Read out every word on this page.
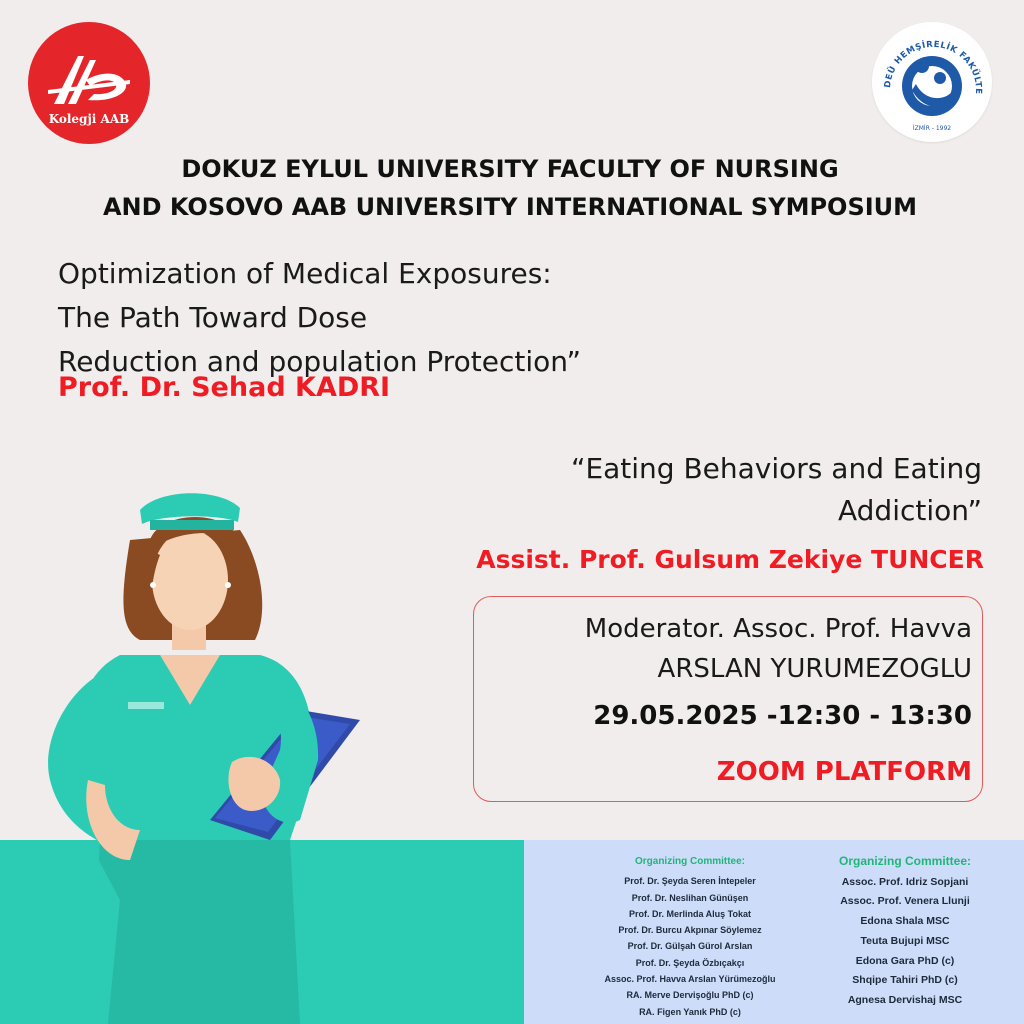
Kolegji AAB
DEÜ HEMŞİRELİK FAKÜLTE
İZMİR - 1992
DOKUZ EYLUL UNIVERSITY FACULTY OF NURSING
AND KOSOVO AAB UNIVERSITY INTERNATIONAL SYMPOSIUM
Optimization of Medical Exposures:
The Path Toward Dose
Reduction and population Protection”
Prof. Dr. Sehad KADRI
“Eating Behaviors and Eating
Addiction”
Assist. Prof. Gulsum Zekiye TUNCER
Moderator. Assoc. Prof. Havva
ARSLAN YURUMEZOGLU
29.05.2025 -12:30 - 13:30
ZOOM PLATFORM
Organizing Committee:
Prof. Dr. Şeyda Seren İntepeler
Prof. Dr. Neslihan Günüşen
Prof. Dr. Merlinda Aluş Tokat
Prof. Dr. Burcu Akpınar Söylemez
Prof. Dr. Gülşah Gürol Arslan
Prof. Dr. Şeyda Özbıçakçı
Assoc. Prof. Havva Arslan Yürümezoğlu
RA. Merve Dervişoğlu PhD (c)
RA. Figen Yanık PhD (c)
Organizing Committee:
Assoc. Prof. Idriz Sopjani
Assoc. Prof. Venera Llunji
Edona Shala MSC
Teuta Bujupi MSC
Edona Gara PhD (c)
Shqipe Tahiri PhD (c)
Agnesa Dervishaj MSC
